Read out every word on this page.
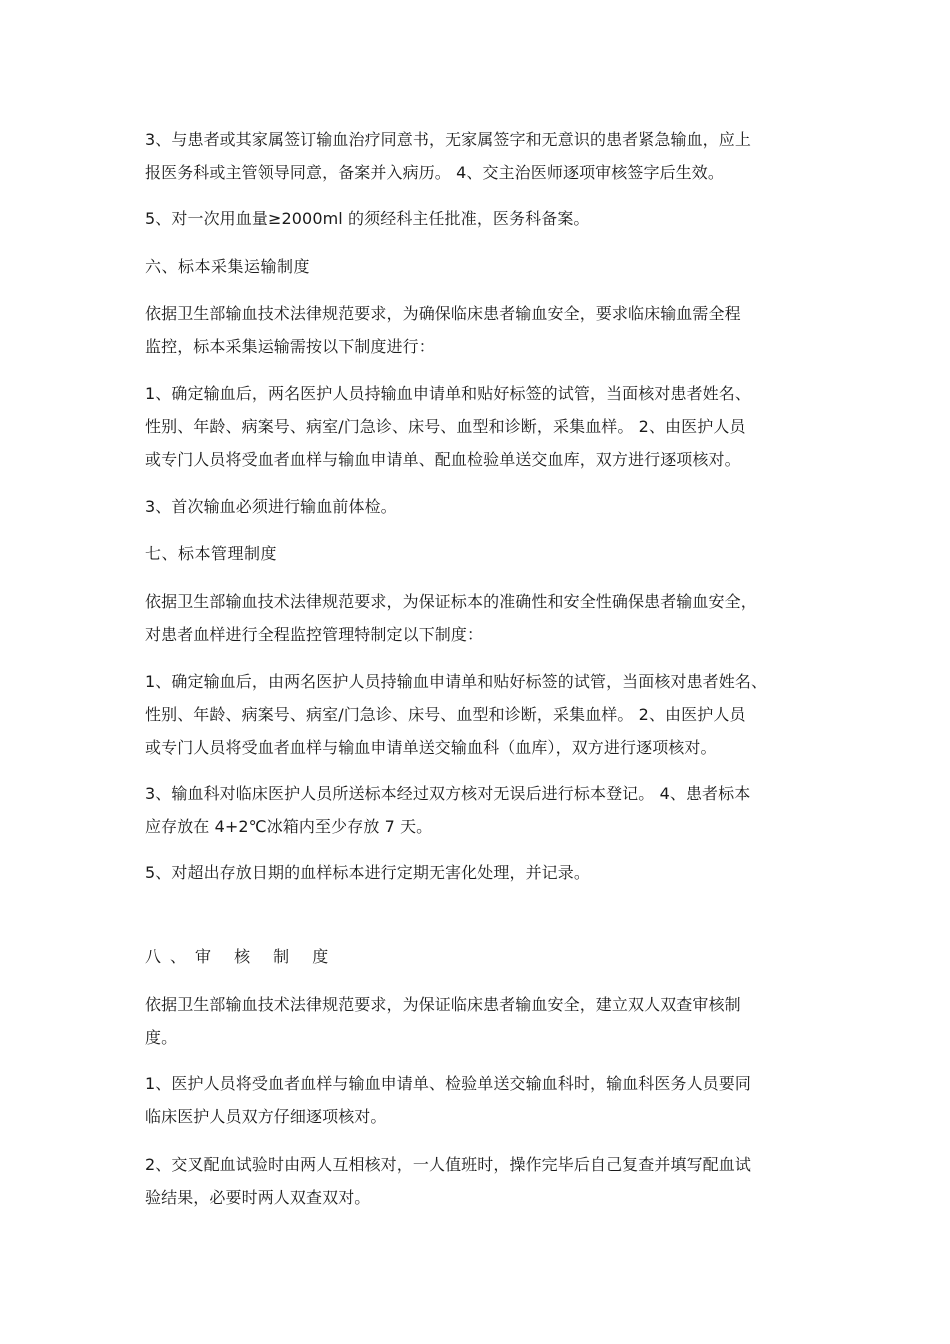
3、与患者或其家属签订输血治疗同意书，无家属签字和无意识的患者紧急输血，应上
报医务科或主管领导同意，备案并入病历。 4、交主治医师逐项审核签字后生效。
5、对一次用血量≥2000ml 的须经科主任批准，医务科备案。
六、标本采集运输制度
依据卫生部输血技术法律规范要求，为确保临床患者输血安全，要求临床输血需全程
监控，标本采集运输需按以下制度进行：
1、确定输血后，两名医护人员持输血申请单和贴好标签的试管，当面核对患者姓名、
性别、年龄、病案号、病室/门急诊、床号、血型和诊断，采集血样。 2、由医护人员
或专门人员将受血者血样与输血申请单、配血检验单送交血库，双方进行逐项核对。
3、首次输血必须进行输血前体检。
七、标本管理制度
依据卫生部输血技术法律规范要求，为保证标本的准确性和安全性确保患者输血安全，
对患者血样进行全程监控管理特制定以下制度：
1、确定输血后，由两名医护人员持输血申请单和贴好标签的试管，当面核对患者姓名、
性别、年龄、病案号、病室/门急诊、床号、血型和诊断，采集血样。 2、由医护人员
或专门人员将受血者血样与输血申请单送交输血科（血库），双方进行逐项核对。
3、输血科对临床医护人员所送标本经过双方核对无误后进行标本登记。 4、患者标本
应存放在 4+2℃冰箱内至少存放 7 天。
5、对超出存放日期的血样标本进行定期无害化处理，并记录。
八、审 核 制 度
依据卫生部输血技术法律规范要求，为保证临床患者输血安全，建立双人双查审核制
度。
1、医护人员将受血者血样与输血申请单、检验单送交输血科时，输血科医务人员要同
临床医护人员双方仔细逐项核对。
2、交叉配血试验时由两人互相核对，一人值班时，操作完毕后自己复查并填写配血试
验结果，必要时两人双查双对。
